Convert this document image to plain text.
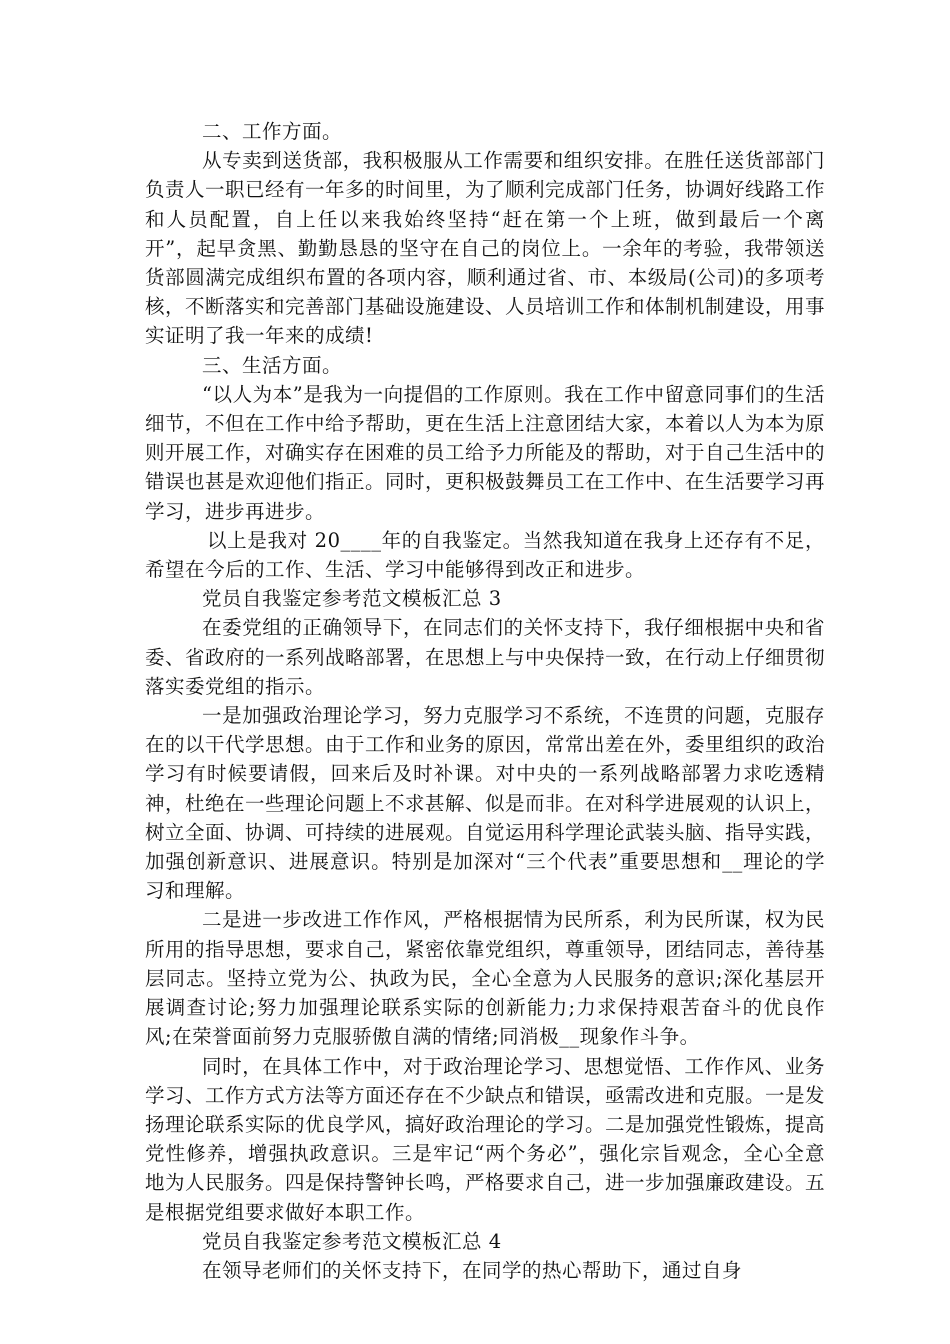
二、工作方面。

从专卖到送货部，我积极服从工作需要和组织安排。在胜任送货部部门负责人一职已经有一年多的时间里，为了顺利完成部门任务，协调好线路工作和人员配置，自上任以来我始终坚持“赶在第一个上班，做到最后一个离开”，起早贪黑、勤勤恳恳的坚守在自己的岗位上。一余年的考验，我带领送货部圆满完成组织布置的各项内容，顺利通过省、市、本级局(公司)的多项考核，不断落实和完善部门基础设施建设、人员培训工作和体制机制建设，用事实证明了我一年来的成绩!

三、生活方面。

“以人为本”是我为一向提倡的工作原则。我在工作中留意同事们的生活细节，不但在工作中给予帮助，更在生活上注意团结大家，本着以人为本为原则开展工作，对确实存在困难的员工给予力所能及的帮助，对于自己生活中的错误也甚是欢迎他们指正。同时，更积极鼓舞员工在工作中、在生活要学习再学习，进步再进步。

以上是我对 20____年的自我鉴定。当然我知道在我身上还存有不足，希望在今后的工作、生活、学习中能够得到改正和进步。

党员自我鉴定参考范文模板汇总 3

在委党组的正确领导下，在同志们的关怀支持下，我仔细根据中央和省委、省政府的一系列战略部署，在思想上与中央保持一致，在行动上仔细贯彻落实委党组的指示。

一是加强政治理论学习，努力克服学习不系统，不连贯的问题，克服存在的以干代学思想。由于工作和业务的原因，常常出差在外，委里组织的政治学习有时候要请假，回来后及时补课。对中央的一系列战略部署力求吃透精神，杜绝在一些理论问题上不求甚解、似是而非。在对科学进展观的认识上，树立全面、协调、可持续的进展观。自觉运用科学理论武装头脑、指导实践，加强创新意识、进展意识。特别是加深对“三个代表”重要思想和__理论的学习和理解。

二是进一步改进工作作风，严格根据情为民所系，利为民所谋，权为民所用的指导思想，要求自己，紧密依靠党组织，尊重领导，团结同志，善待基层同志。坚持立党为公、执政为民，全心全意为人民服务的意识;深化基层开展调查讨论;努力加强理论联系实际的创新能力;力求保持艰苦奋斗的优良作风;在荣誉面前努力克服骄傲自满的情绪;同消极__现象作斗争。

同时，在具体工作中，对于政治理论学习、思想觉悟、工作作风、业务学习、工作方式方法等方面还存在不少缺点和错误，亟需改进和克服。一是发扬理论联系实际的优良学风，搞好政治理论的学习。二是加强党性锻炼，提高党性修养，增强执政意识。三是牢记“两个务必”，强化宗旨观念，全心全意地为人民服务。四是保持警钟长鸣，严格要求自己，进一步加强廉政建设。五是根据党组要求做好本职工作。

党员自我鉴定参考范文模板汇总 4

在领导老师们的关怀支持下，在同学的热心帮助下，通过自身
